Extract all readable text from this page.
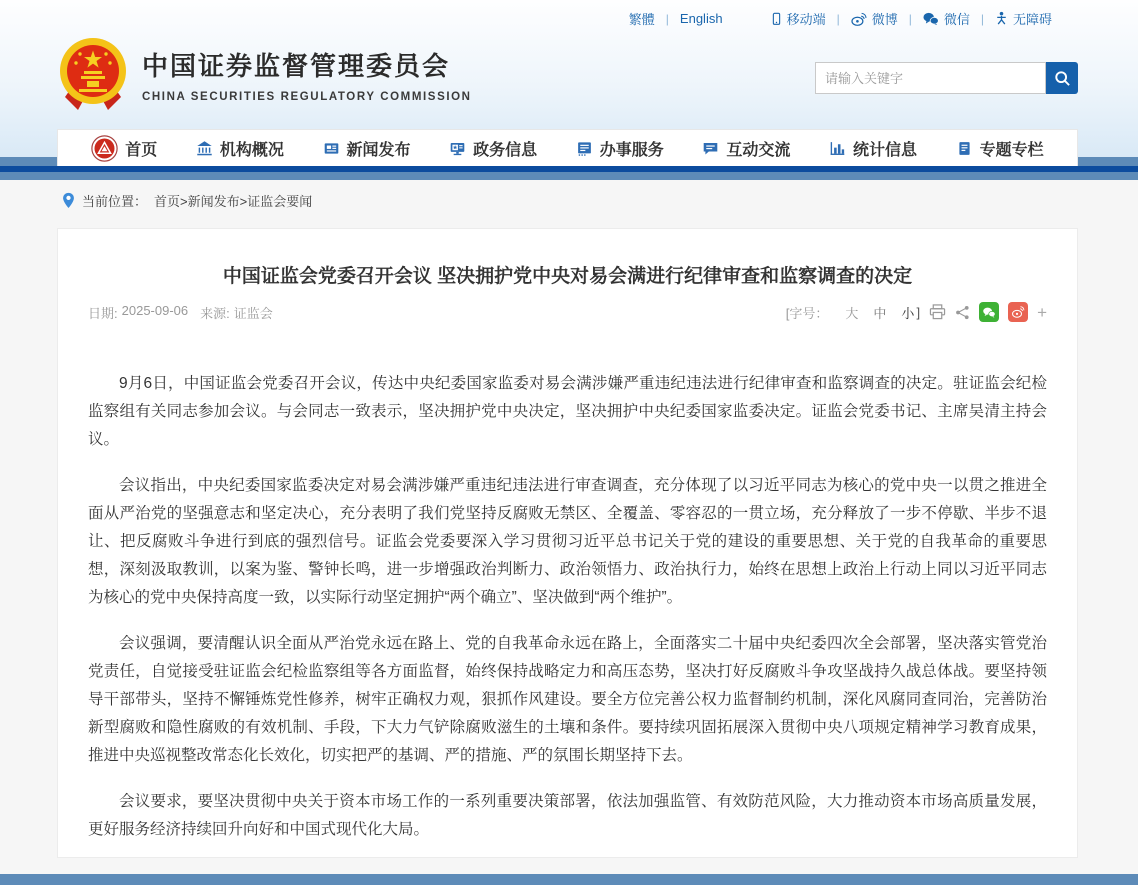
繁體 | English	移动端 | 微博 | 微信 | 无障碍
中国证券监督管理委员会
CHINA SECURITIES REGULATORY COMMISSION
请输入关键字
首页	机构概况	新闻发布	政务信息	办事服务	互动交流	统计信息	专题专栏
当前位置： 首页>新闻发布>证监会要闻
中国证监会党委召开会议 坚决拥护党中央对易会满进行纪律审查和监察调查的决定
日期: 2025-09-06 来源: 证监会	[字号： 大 中 小 ]	+

9月6日，中国证监会党委召开会议，传达中央纪委国家监委对易会满涉嫌严重违纪违法进行纪律审查和监察调查的决定。驻证监会纪检监察组有关同志参加会议。与会同志一致表示，坚决拥护党中央决定，坚决拥护中央纪委国家监委决定。证监会党委书记、主席吴清主持会议。

会议指出，中央纪委国家监委决定对易会满涉嫌严重违纪违法进行审查调查，充分体现了以习近平同志为核心的党中央一以贯之推进全面从严治党的坚强意志和坚定决心，充分表明了我们党坚持反腐败无禁区、全覆盖、零容忍的一贯立场，充分释放了一步不停歇、半步不退让、把反腐败斗争进行到底的强烈信号。证监会党委要深入学习贯彻习近平总书记关于党的建设的重要思想、关于党的自我革命的重要思想，深刻汲取教训，以案为鉴、警钟长鸣，进一步增强政治判断力、政治领悟力、政治执行力，始终在思想上政治上行动上同以习近平同志为核心的党中央保持高度一致，以实际行动坚定拥护“两个确立”、坚决做到“两个维护”。

会议强调，要清醒认识全面从严治党永远在路上、党的自我革命永远在路上，全面落实二十届中央纪委四次全会部署，坚决落实管党治党责任，自觉接受驻证监会纪检监察组等各方面监督，始终保持战略定力和高压态势，坚决打好反腐败斗争攻坚战持久战总体战。要坚持领导干部带头，坚持不懈锤炼党性修养，树牢正确权力观，狠抓作风建设。要全方位完善公权力监督制约机制，深化风腐同查同治，完善防治新型腐败和隐性腐败的有效机制、手段，下大力气铲除腐败滋生的土壤和条件。要持续巩固拓展深入贯彻中央八项规定精神学习教育成果，推进中央巡视整改常态化长效化，切实把严的基调、严的措施、严的氛围长期坚持下去。

会议要求，要坚决贯彻中央关于资本市场工作的一系列重要决策部署，依法加强监管、有效防范风险，大力推动资本市场高质量发展，更好服务经济持续回升向好和中国式现代化大局。
